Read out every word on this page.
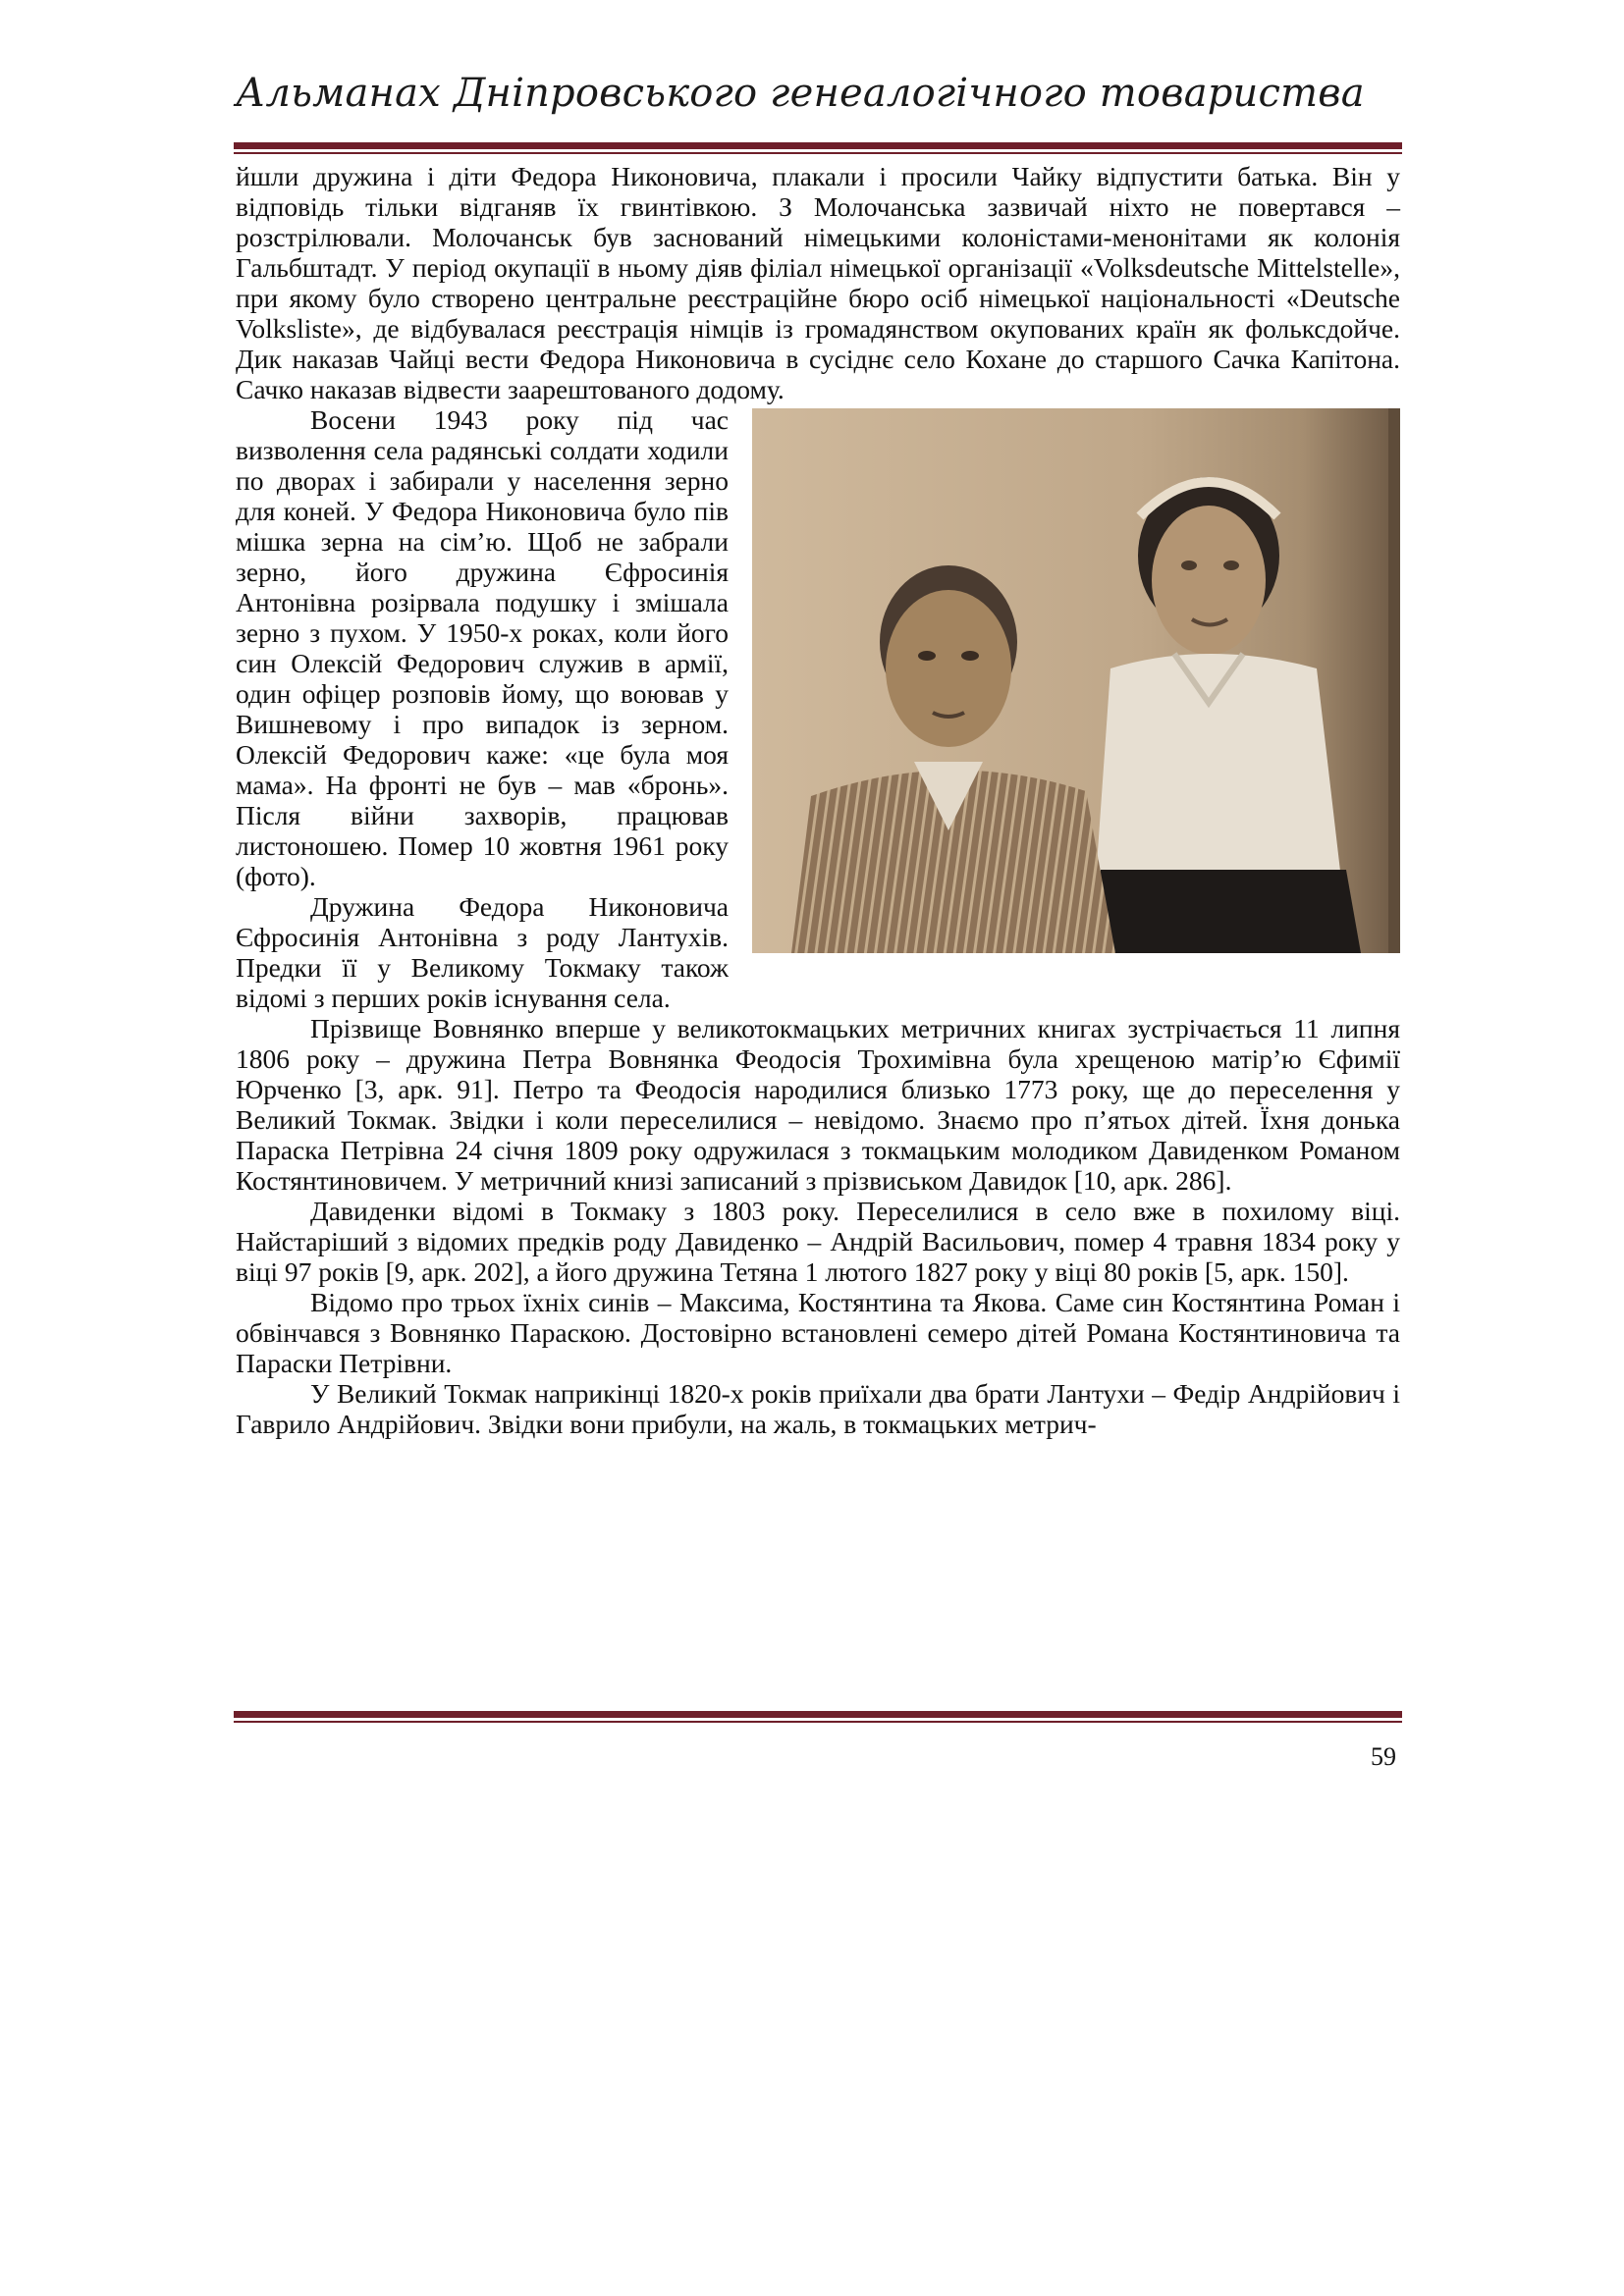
Альманах Дніпровського генеалогічного товариства

йшли дружина і діти Федора Никоновича, плакали і просили Чайку відпустити батька. Він у відповідь тільки відганяв їх гвинтівкою. З Молочанська зазвичай ніхто не повертався – розстрілювали. Молочанськ був заснований німецькими колоністами-менонітами як колонія Гальбштадт. У період окупації в ньому діяв філіал німецької організації «Volksdeutsche Mittelstelle», при якому було створено центральне реєстраційне бюро осіб німецької національності «Deutsche Volksliste», де відбувалася реєстрація німців із громадянством окупованих країн як фольксдойче. Дик наказав Чайці вести Федора Никоновича в сусіднє село Кохане до старшого Сачка Капітона. Сачко наказав відвести заарештованого додому.

Восени 1943 року під час визволення села радянські солдати ходили по дворах і забирали у населення зерно для коней. У Федора Никоновича було пів мішка зерна на сім’ю. Щоб не забрали зерно, його дружина Єфросинія Антонівна розірвала подушку і змішала зерно з пухом. У 1950-х роках, коли його син Олексій Федорович служив в армії, один офіцер розповів йому, що воював у Вишневому і про випадок із зерном. Олексій Федорович каже: «це була моя мама». На фронті не був – мав «бронь». Після війни захворів, працював листоношею. Помер 10 жовтня 1961 року (фото).

Дружина Федора Никоновича Єфросинія Антонівна з роду Лантухів. Предки її у Великому Токмаку також відомі з перших років існування села.

Прізвище Вовнянко вперше у великотокмацьких метричних книгах зустрічається 11 липня 1806 року – дружина Петра Вовнянка Феодосія Трохимівна була хрещеною матір’ю Єфимії Юрченко [3, арк. 91]. Петро та Феодосія народилися близько 1773 року, ще до переселення у Великий Токмак. Звідки і коли переселилися – невідомо. Знаємо про п’ятьох дітей. Їхня донька Параска Петрівна 24 січня 1809 року одружилася з токмацьким молодиком Давиденком Романом Костянтиновичем. У метричний книзі записаний з прізвиськом Давидок [10, арк. 286].

Давиденки відомі в Токмаку з 1803 року. Переселилися в село вже в похилому віці. Найстаріший з відомих предків роду Давиденко – Андрій Васильович, помер 4 травня 1834 року у віці 97 років [9, арк. 202], а його дружина Тетяна 1 лютого 1827 року у віці 80 років [5, арк. 150].

Відомо про трьох їхніх синів – Максима, Костянтина та Якова. Саме син Костянтина Роман і обвінчався з Вовнянко Параскою. Достовірно встановлені семеро дітей Романа Костянтиновича та Параски Петрівни.

У Великий Токмак наприкінці 1820-х років приїхали два брати Лантухи – Федір Андрійович і Гаврило Андрійович. Звідки вони прибули, на жаль, в токмацьких метрич-

59
